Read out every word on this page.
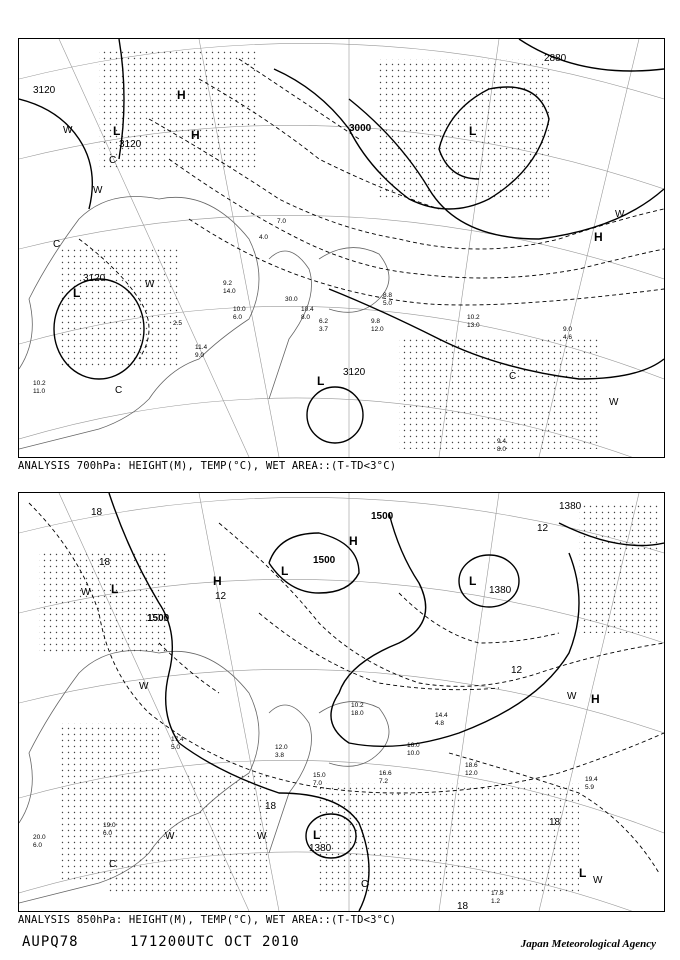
3120
3120
3000
2880
3120
3120
L
L
L
L
H
H
H
W
W
W
W
W
C
C
C
C
10.2
11.0
10.0
6.0
9.2
14.0
9.8
12.0
10.2
13.0
9.0
4.6
9.4
8.0
11.4
9.0
8.8
5.0
10.4
8.0
30.0
6.2
3.7
4.0
7.0
2.5
ANALYSIS 700hPa: HEIGHT(M), TEMP(°C), WET AREA::(T-TD<3°C)
1500
1500
1500
1380
1380
1380
18
18
12
12
18
18
12
18
L
L
L
L
L
H
H
H
W
W
W	W
W
W
C
C
20.0
6.0
19.0
6.0
17.4
5.0	16.0
10.0
18.6
12.0
19.4
5.9
17.8
1.2
15.0
7.0
14.4
4.8
10.2
18.0
12.0
3.8
16.6
7.2
ANALYSIS 850hPa: HEIGHT(M), TEMP(°C), WET AREA::(T-TD<3°C)
AUPQ78	171200UTC OCT 2010	Japan Meteorological Agency
